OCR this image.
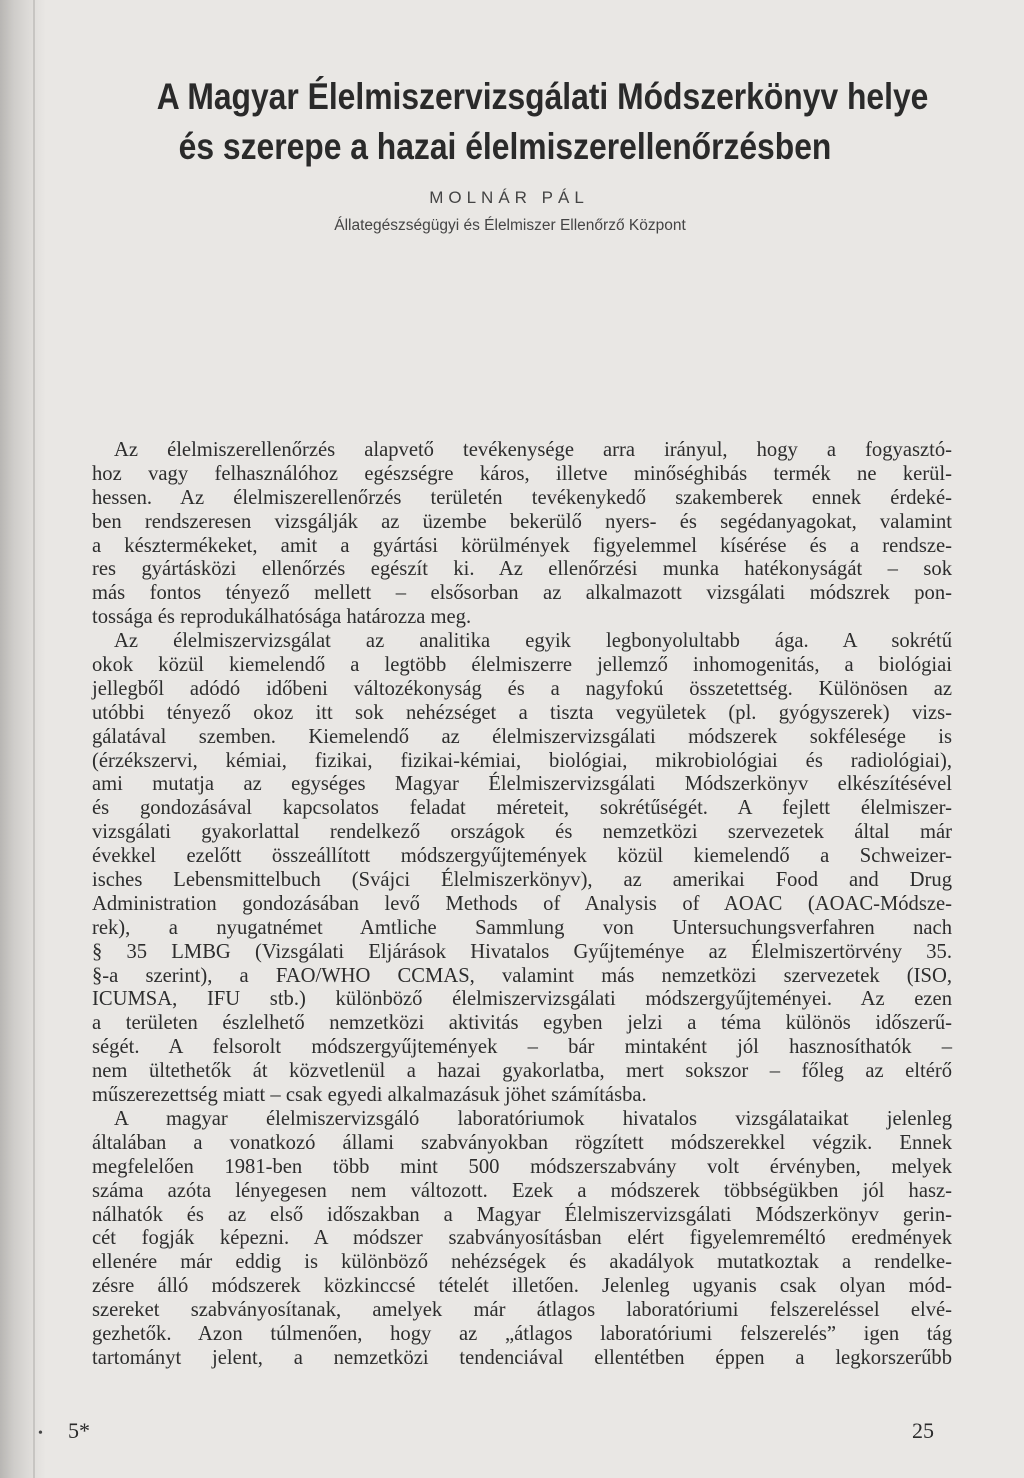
A Magyar Élelmiszervizsgálati Módszerkönyv helye
és szerepe a hazai élelmiszerellenőrzésben
MOLNÁR PÁL
Állategészségügyi és Élelmiszer Ellenőrző Központ
Az élelmiszerellenőrzés alapvető tevékenysége arra irányul, hogy a fogyasztó-
hoz vagy felhasználóhoz egészségre káros, illetve minőséghibás termék ne kerül-
hessen. Az élelmiszerellenőrzés területén tevékenykedő szakemberek ennek érdeké-
ben rendszeresen vizsgálják az üzembe bekerülő nyers- és segédanyagokat, valamint
a késztermékeket, amit a gyártási körülmények figyelemmel kísérése és a rendsze-
res gyártásközi ellenőrzés egészít ki. Az ellenőrzési munka hatékonyságát – sok
más fontos tényező mellett – elsősorban az alkalmazott vizsgálati módszrek pon-
tossága és reprodukálhatósága határozza meg.
Az élelmiszervizsgálat az analitika egyik legbonyolultabb ága. A sokrétű
okok közül kiemelendő a legtöbb élelmiszerre jellemző inhomogenitás, a biológiai
jellegből adódó időbeni változékonyság és a nagyfokú összetettség. Különösen az
utóbbi tényező okoz itt sok nehézséget a tiszta vegyületek (pl. gyógyszerek) vizs-
gálatával szemben. Kiemelendő az élelmiszervizsgálati módszerek sokfélesége is
(érzékszervi, kémiai, fizikai, fizikai-kémiai, biológiai, mikrobiológiai és radiológiai),
ami mutatja az egységes Magyar Élelmiszervizsgálati Módszerkönyv elkészítésével
és gondozásával kapcsolatos feladat méreteit, sokrétűségét. A fejlett élelmiszer-
vizsgálati gyakorlattal rendelkező országok és nemzetközi szervezetek által már
évekkel ezelőtt összeállított módszergyűjtemények közül kiemelendő a Schweizer-
isches Lebensmittelbuch (Svájci Élelmiszerkönyv), az amerikai Food and Drug
Administration gondozásában levő Methods of Analysis of AOAC (AOAC-Módsze-
rek), a nyugatnémet Amtliche Sammlung von Untersuchungsverfahren nach
§ 35 LMBG (Vizsgálati Eljárások Hivatalos Gyűjteménye az Élelmiszertörvény 35.
§-a szerint), a FAO/WHO CCMAS, valamint más nemzetközi szervezetek (ISO,
ICUMSA, IFU stb.) különböző élelmiszervizsgálati módszergyűjteményei. Az ezen
a területen észlelhető nemzetközi aktivitás egyben jelzi a téma különös időszerű-
ségét. A felsorolt módszergyűjtemények – bár mintaként jól hasznosíthatók –
nem ültethetők át közvetlenül a hazai gyakorlatba, mert sokszor – főleg az eltérő
műszerezettség miatt – csak egyedi alkalmazásuk jöhet számításba.
A magyar élelmiszervizsgáló laboratóriumok hivatalos vizsgálataikat jelenleg
általában a vonatkozó állami szabványokban rögzített módszerekkel végzik. Ennek
megfelelően 1981-ben több mint 500 módszerszabvány volt érvényben, melyek
száma azóta lényegesen nem változott. Ezek a módszerek többségükben jól hasz-
nálhatók és az első időszakban a Magyar Élelmiszervizsgálati Módszerkönyv gerin-
cét fogják képezni. A módszer szabványosításban elért figyelemreméltó eredmények
ellenére már eddig is különböző nehézségek és akadályok mutatkoztak a rendelke-
zésre álló módszerek közkinccsé tételét illetően. Jelenleg ugyanis csak olyan mód-
szereket szabványosítanak, amelyek már átlagos laboratóriumi felszereléssel elvé-
gezhetők. Azon túlmenően, hogy az „átlagos laboratóriumi felszerelés” igen tág
tartományt jelent, a nemzetközi tendenciával ellentétben éppen a legkorszerűbb
• 5*	25
